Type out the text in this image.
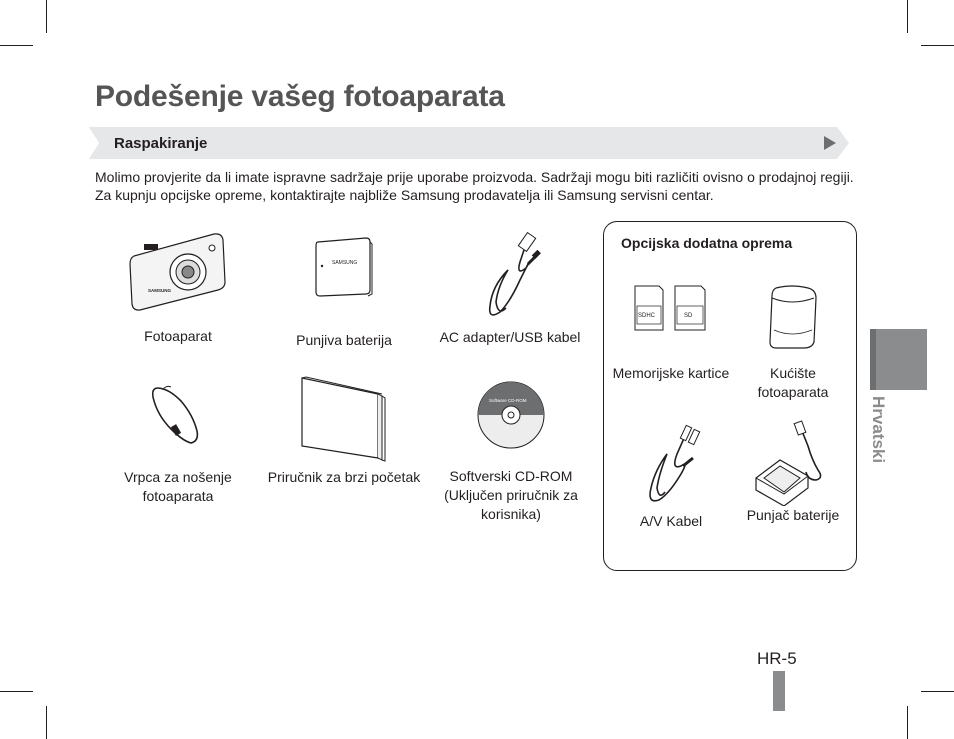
Podešenje vašeg fotoaparata
Raspakiranje

Molimo provjerite da li imate ispravne sadržaje prije uporabe proizvoda. Sadržaji mogu biti različiti ovisno o prodajnoj regiji. Za kupnju opcijske opreme, kontaktirajte najbliže Samsung prodavatelja ili Samsung servisni centar.

SAMSUNG
Fotoaparat
SAMSUNG
Punjiva baterija	AC adapter/USB kabel
Vrpca za nošenje fotoaparata
Priručnik za brzi početak
Software CD-ROM
Softverski CD-ROM (Uključen priručnik za korisnika)
Opcijska dodatna oprema
SDHC	SD
Memorijske kartice	Kućište fotoaparata
A/V Kabel	Punjač baterije
Hrvatski
HR-5
